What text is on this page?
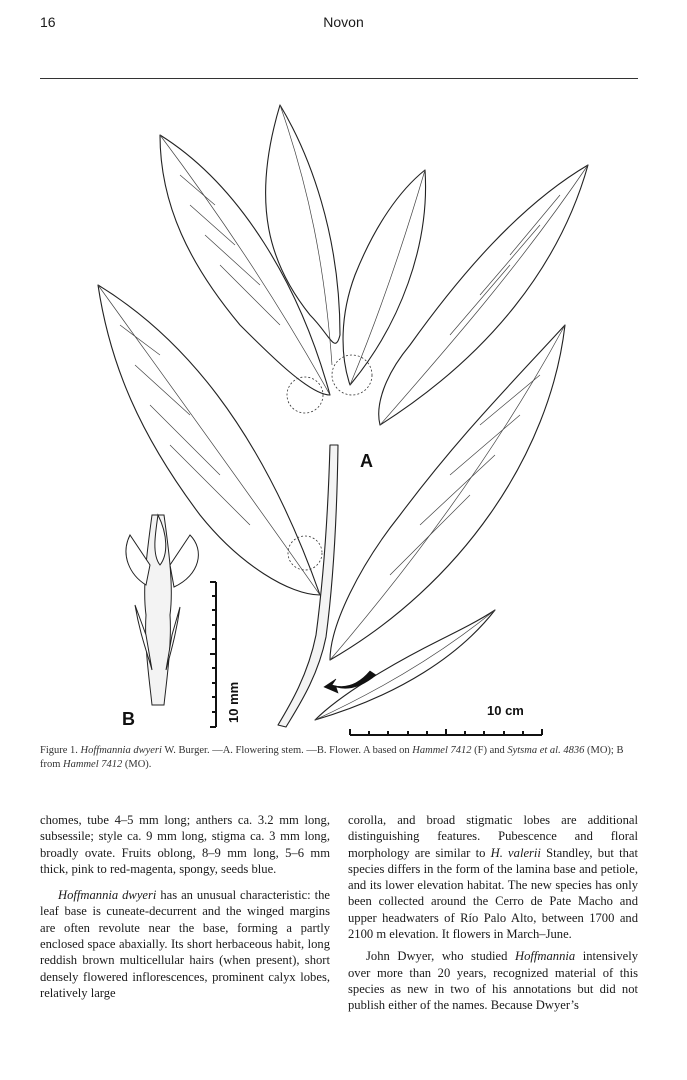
16	Novon
A
B	10 mm	10 cm
Figure 1. Hoffmannia dwyeri W. Burger. —A. Flowering stem. —B. Flower. A based on Hammel 7412 (F) and Sytsma et al. 4836 (MO); B from Hammel 7412 (MO).

chomes, tube 4–5 mm long; anthers ca. 3.2 mm long, subsessile; style ca. 9 mm long, stigma ca. 3 mm long, broadly ovate. Fruits oblong, 8–9 mm long, 5–6 mm thick, pink to red-magenta, spongy, seeds blue.

Hoffmannia dwyeri has an unusual characteristic: the leaf base is cuneate-decurrent and the winged margins are often revolute near the base, forming a partly enclosed space abaxially. Its short herbaceous habit, long reddish brown multicellular hairs (when present), short densely flowered inflorescences, prominent calyx lobes, relatively large

corolla, and broad stigmatic lobes are additional distinguishing features. Pubescence and floral morphology are similar to H. valerii Standley, but that species differs in the form of the lamina base and petiole, and its lower elevation habitat. The new species has only been collected around the Cerro de Pate Macho and upper headwaters of Río Palo Alto, between 1700 and 2100 m elevation. It flowers in March–June.

John Dwyer, who studied Hoffmannia intensively over more than 20 years, recognized material of this species as new in two of his annotations but did not publish either of the names. Because Dwyer’s
